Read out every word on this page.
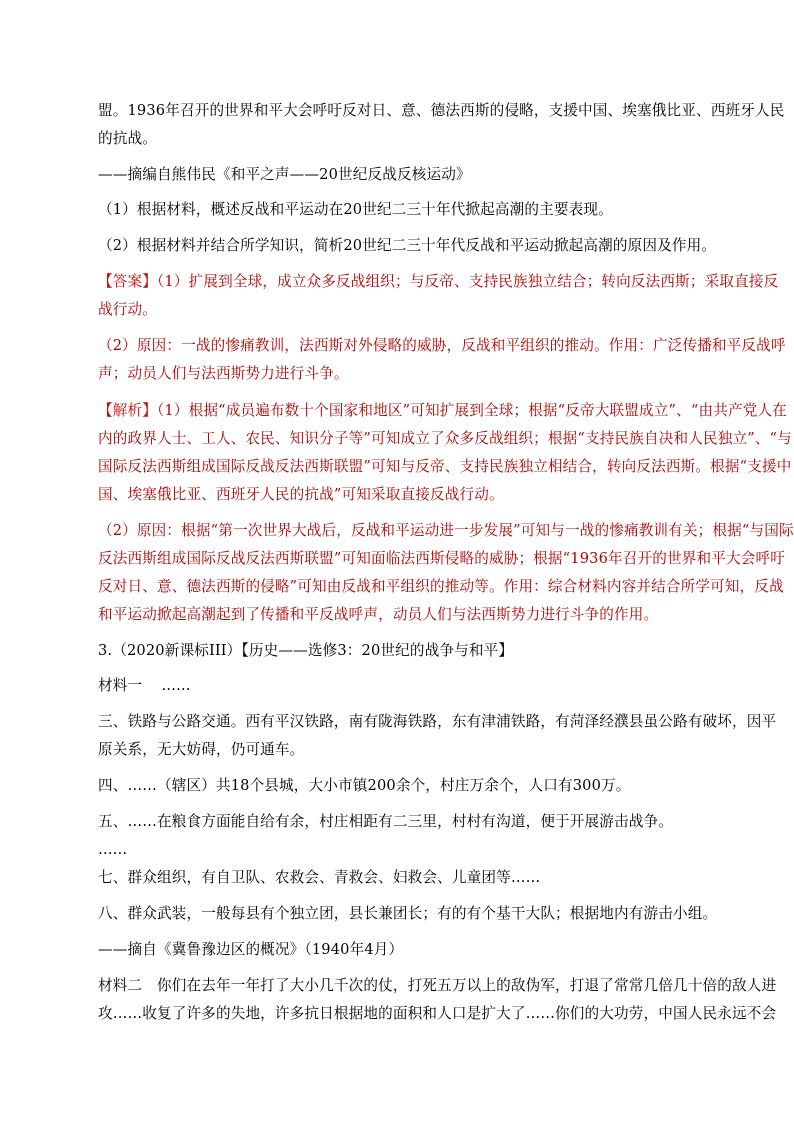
盟。1936年召开的世界和平大会呼吁反对日、意、德法西斯的侵略，支援中国、埃塞俄比亚、西班牙人民
的抗战。
——摘编自熊伟民《和平之声——20世纪反战反核运动》
（1）根据材料，概述反战和平运动在20世纪二三十年代掀起高潮的主要表现。
（2）根据材料并结合所学知识，简析20世纪二三十年代反战和平运动掀起高潮的原因及作用。
【答案】（1）扩展到全球，成立众多反战组织；与反帝、支持民族独立结合；转向反法西斯；采取直接反
战行动。
（2）原因：一战的惨痛教训，法西斯对外侵略的威胁，反战和平组织的推动。作用：广泛传播和平反战呼
声；动员人们与法西斯势力进行斗争。
【解析】（1）根据“成员遍布数十个国家和地区”可知扩展到全球；根据“反帝大联盟成立”、“由共产党人在
内的政界人士、工人、农民、知识分子等”可知成立了众多反战组织；根据“支持民族自决和人民独立”、“与
国际反法西斯组成国际反战反法西斯联盟”可知与反帝、支持民族独立相结合，转向反法西斯。根据“支援中
国、埃塞俄比亚、西班牙人民的抗战”可知采取直接反战行动。
（2）原因：根据“第一次世界大战后，反战和平运动进一步发展”可知与一战的惨痛教训有关；根据“与国际
反法西斯组成国际反战反法西斯联盟”可知面临法西斯侵略的威胁；根据“1936年召开的世界和平大会呼吁
反对日、意、德法西斯的侵略”可知由反战和平组织的推动等。作用：综合材料内容并结合所学可知，反战
和平运动掀起高潮起到了传播和平反战呼声，动员人们与法西斯势力进行斗争的作用。
3.（2020新课标III）【历史——选修3：20世纪的战争与和平】
材料一 ……
三、铁路与公路交通。西有平汉铁路，南有陇海铁路，东有津浦铁路，有菏泽经濮县虽公路有破坏，因平
原关系，无大妨碍，仍可通车。
四、……（辖区）共18个县城，大小市镇200余个，村庄万余个，人口有300万。
五、……在粮食方面能自给有余，村庄相距有二三里，村村有沟道，便于开展游击战争。
……
七、群众组织，有自卫队、农救会、青救会、妇救会、儿童团等……
八、群众武装，一般每县有个独立团，县长兼团长；有的有个基干大队；根据地内有游击小组。
——摘自《冀鲁豫边区的概况》（1940年4月）
材料二　你们在去年一年打了大小几千次的仗，打死五万以上的敌伪军，打退了常常几倍几十倍的敌人进
攻……收复了许多的失地，许多抗日根据地的面积和人口是扩大了……你们的大功劳，中国人民永远不会
